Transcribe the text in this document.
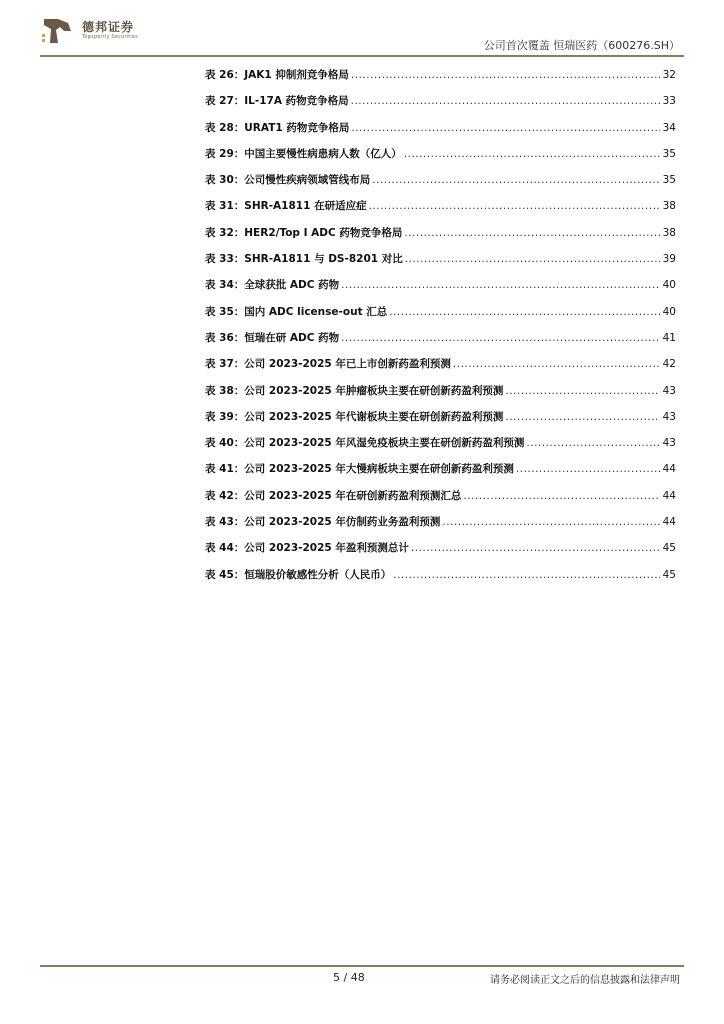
德邦证券
Topsperity Securities
公司首次覆盖 恒瑞医药（600276.SH）
表 26：JAK1 抑制剂竞争格局 .....	32
表 27：IL-17A 药物竞争格局 .....	33
表 28：URAT1 药物竞争格局 .....	34
表 29：中国主要慢性病患病人数（亿人） .....	35
表 30：公司慢性疾病领域管线布局 .....	35
表 31：SHR-A1811 在研适应症 .....	38
表 32：HER2/Top I ADC 药物竞争格局 .....	38
表 33：SHR-A1811 与 DS-8201 对比 .....	39
表 34：全球获批 ADC 药物 .....	40
表 35：国内 ADC license-out 汇总 .....	40
表 36：恒瑞在研 ADC 药物 .....	41
表 37：公司 2023-2025 年已上市创新药盈利预测 .....	42
表 38：公司 2023-2025 年肿瘤板块主要在研创新药盈利预测 .....	43
表 39：公司 2023-2025 年代谢板块主要在研创新药盈利预测 .....	43
表 40：公司 2023-2025 年风湿免疫板块主要在研创新药盈利预测 .....	43
表 41：公司 2023-2025 年大慢病板块主要在研创新药盈利预测 .....	44
表 42：公司 2023-2025 年在研创新药盈利预测汇总 .....	44
表 43：公司 2023-2025 年仿制药业务盈利预测 .....	44
表 44：公司 2023-2025 年盈利预测总计 .....	45
表 45：恒瑞股价敏感性分析（人民币） .....	45
5 / 48	请务必阅读正文之后的信息披露和法律声明
